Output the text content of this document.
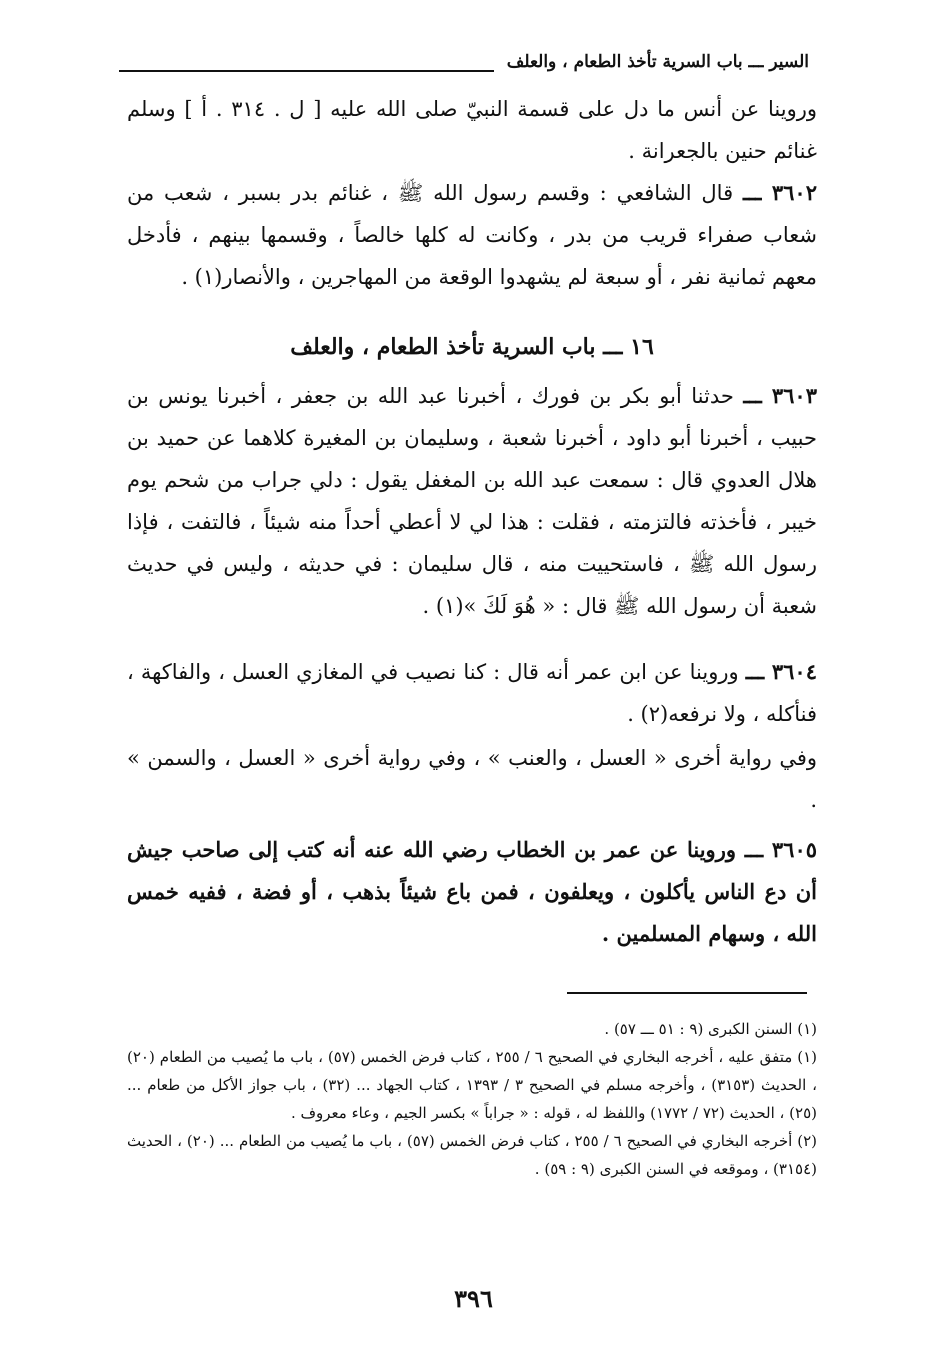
السير ـــ باب السرية تأخذ الطعام ، والعلف

وروينا عن أنس ما دل على قسمة النبيّ صلى الله عليه [ ل . ٣١٤ . أ ] وسلم غنائم حنين بالجعرانة .

٣٦٠٢ ـــ قال الشافعي : وقسم رسول الله ﷺ ، غنائم بدر بسبر ، شعب من شعاب صفراء قريب من بدر ، وكانت له كلها خالصاً ، وقسمها بينهم ، فأدخل معهم ثمانية نفر ، أو سبعة لم يشهدوا الوقعة من المهاجرين ، والأنصار(١) .

١٦ ـــ باب السرية تأخذ الطعام ، والعلف

٣٦٠٣ ـــ حدثنا أبو بكر بن فورك ، أخبرنا عبد الله بن جعفر ، أخبرنا يونس بن حبيب ، أخبرنا أبو داود ، أخبرنا شعبة ، وسليمان بن المغيرة كلاهما عن حميد بن هلال العدوي قال : سمعت عبد الله بن المغفل يقول : دلي جراب من شحم يوم خيبر ، فأخذته فالتزمته ، فقلت : هذا لي لا أعطي أحداً منه شيئاً ، فالتفت ، فإذا رسول الله ﷺ ، فاستحييت منه ، قال سليمان : في حديثه ، وليس في حديث شعبة أن رسول الله ﷺ قال : « هُوَ لَكَ »(١) .

٣٦٠٤ ـــ وروينا عن ابن عمر أنه قال : كنا نصيب في المغازي العسل ، والفاكهة ، فنأكله ، ولا نرفعه(٢) .

وفي رواية أخرى « العسل ، والعنب » ، وفي رواية أخرى « العسل ، والسمن » .

٣٦٠٥ ـــ وروينا عن عمر بن الخطاب رضي الله عنه أنه كتب إلى صاحب جيش أن دع الناس يأكلون ، ويعلفون ، فمن باع شيئاً بذهب ، أو فضة ، ففيه خمس الله ، وسهام المسلمين .

(١) السنن الكبرى (٩ : ٥١ ـــ ٥٧) .

(١) متفق عليه ، أخرجه البخاري في الصحيح ٦ / ٢٥٥ ، كتاب فرض الخمس (٥٧) ، باب ما يُصيب من الطعام (٢٠) ، الحديث (٣١٥٣) ، وأخرجه مسلم في الصحيح ٣ / ١٣٩٣ ، كتاب الجهاد ... (٣٢) ، باب جواز الأكل من طعام ... (٢٥) ، الحديث (٧٢ / ١٧٧٢) واللفظ له ، قوله : « جراباً » بكسر الجيم ، وعاء معروف .

(٢) أخرجه البخاري في الصحيح ٦ / ٢٥٥ ، كتاب فرض الخمس (٥٧) ، باب ما يُصيب من الطعام ... (٢٠) ، الحديث (٣١٥٤) ، وموقعه في السنن الكبرى (٩ : ٥٩) .

٣٩٦
